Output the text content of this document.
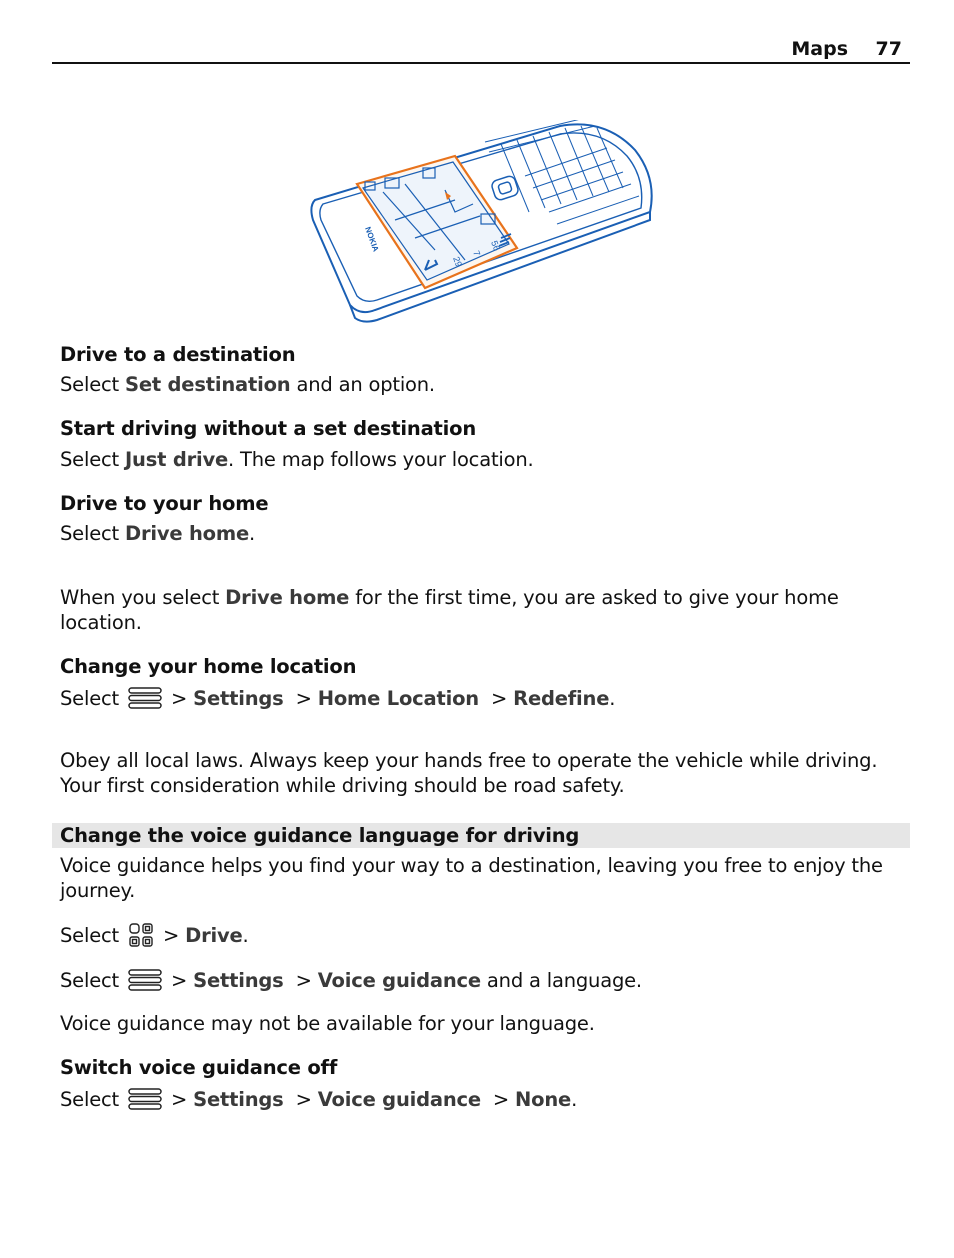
Maps 77
NOKIA
29
7
56
Drive to a destination
Select Set destination and an option.
Start driving without a set destination
Select Just drive. The map follows your location.
Drive to your home
Select Drive home.
When you select Drive home for the first time, you are asked to give your home
location.
Change your home location
Select	> Settings > Home Location > Redefine.
Obey all local laws. Always keep your hands free to operate the vehicle while driving.
Your first consideration while driving should be road safety.
Change the voice guidance language for driving
Voice guidance helps you find your way to a destination, leaving you free to enjoy the
journey.
Select > Drive.
Select	> Settings > Voice guidance and a language.
Voice guidance may not be available for your language.
Switch voice guidance off
Select	> Settings > Voice guidance > None.
